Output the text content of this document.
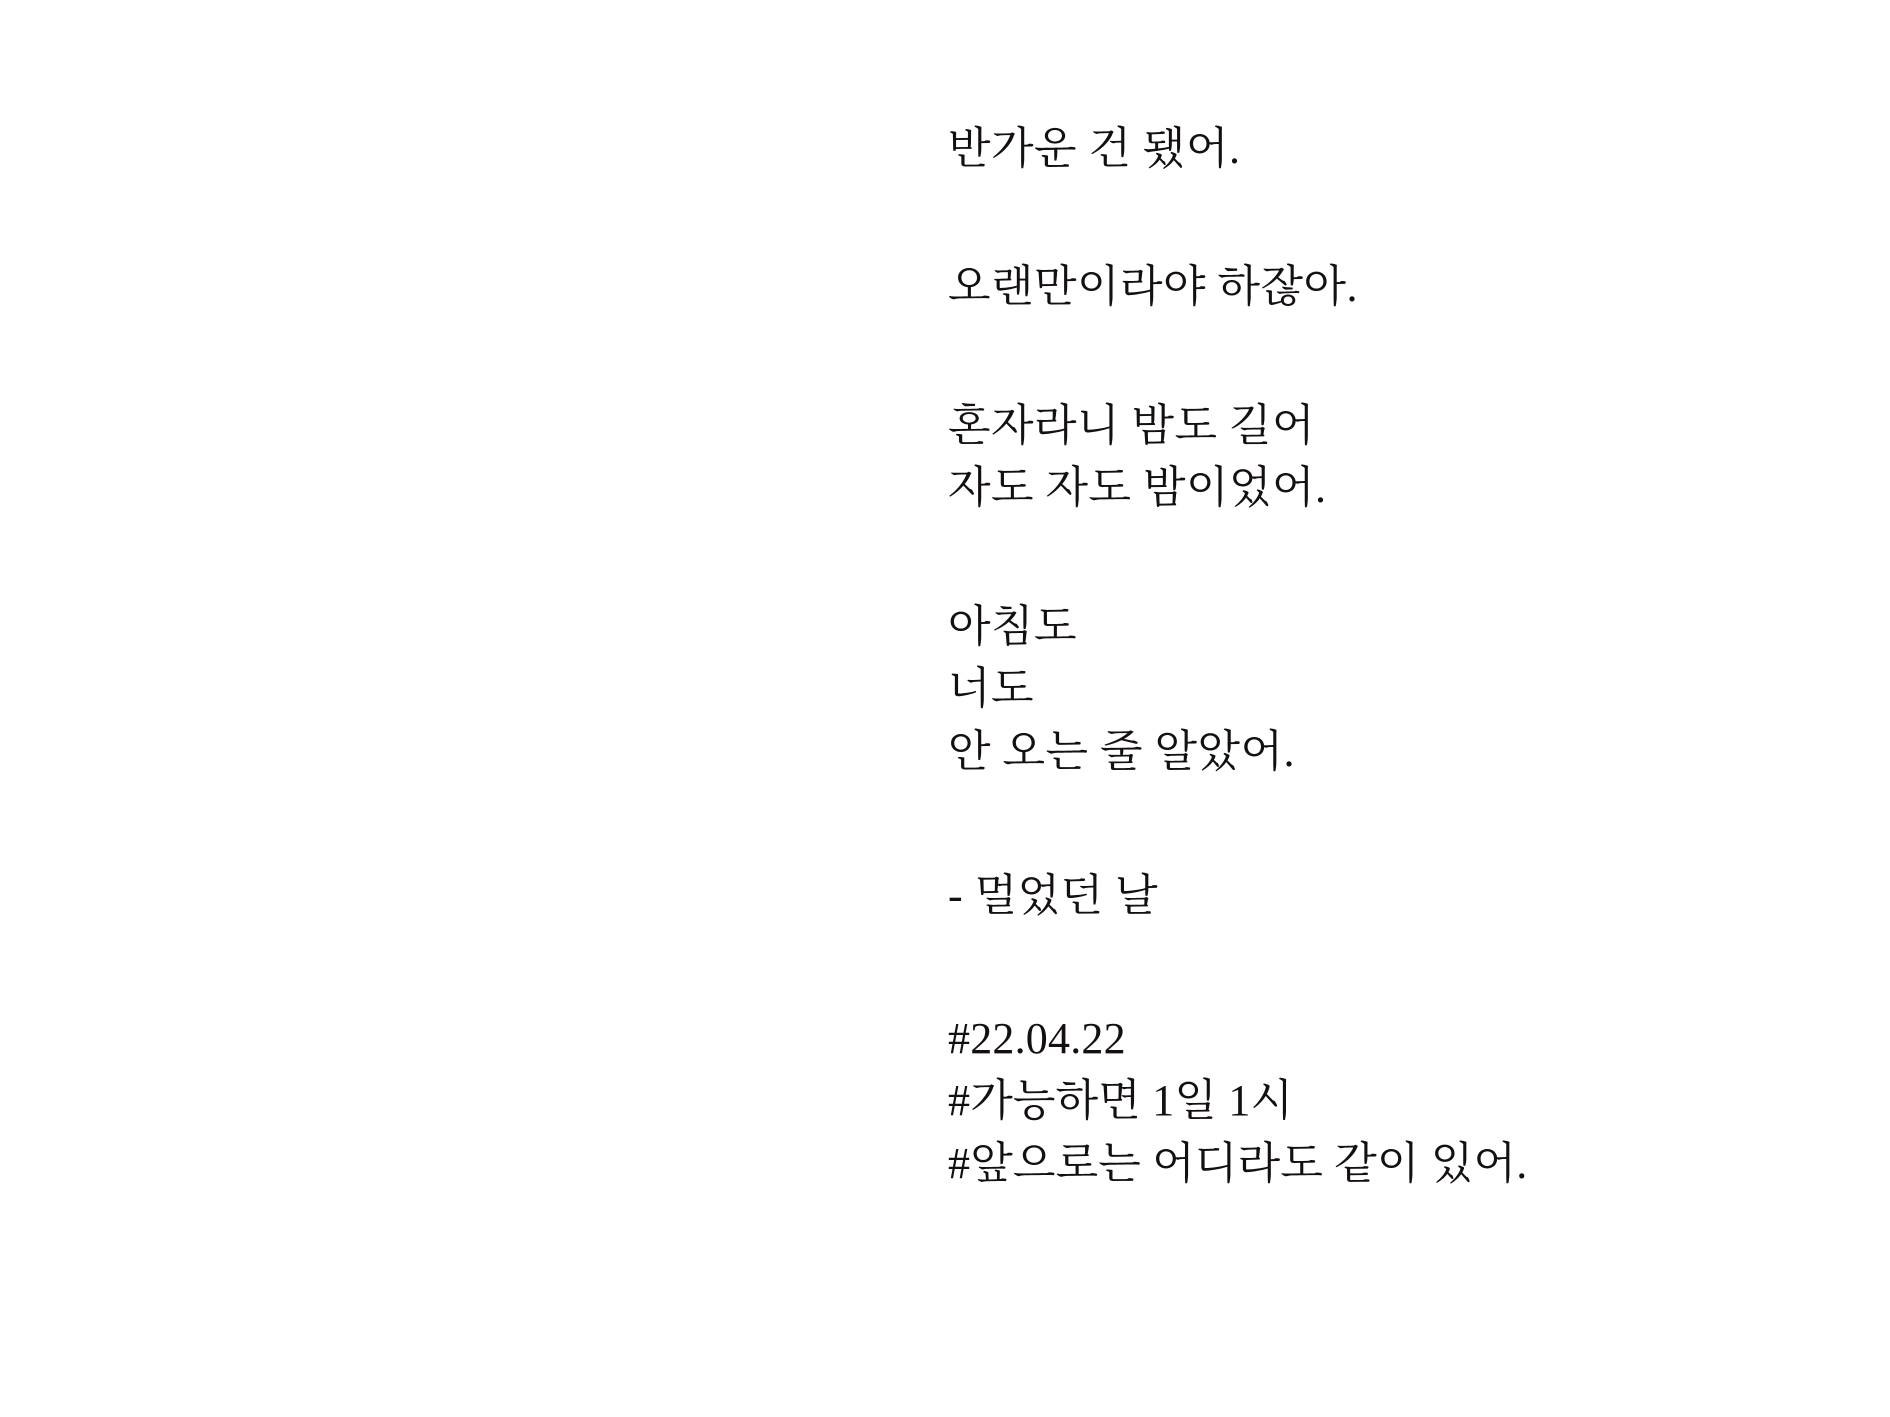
반가운 건 됐어.
오랜만이라야 하잖아.
혼자라니 밤도 길어
자도 자도 밤이었어.
아침도
너도
안 오는 줄 알았어.
- 멀었던 날
#22.04.22
#가능하면 1일 1시
#앞으로는 어디라도 같이 있어.
